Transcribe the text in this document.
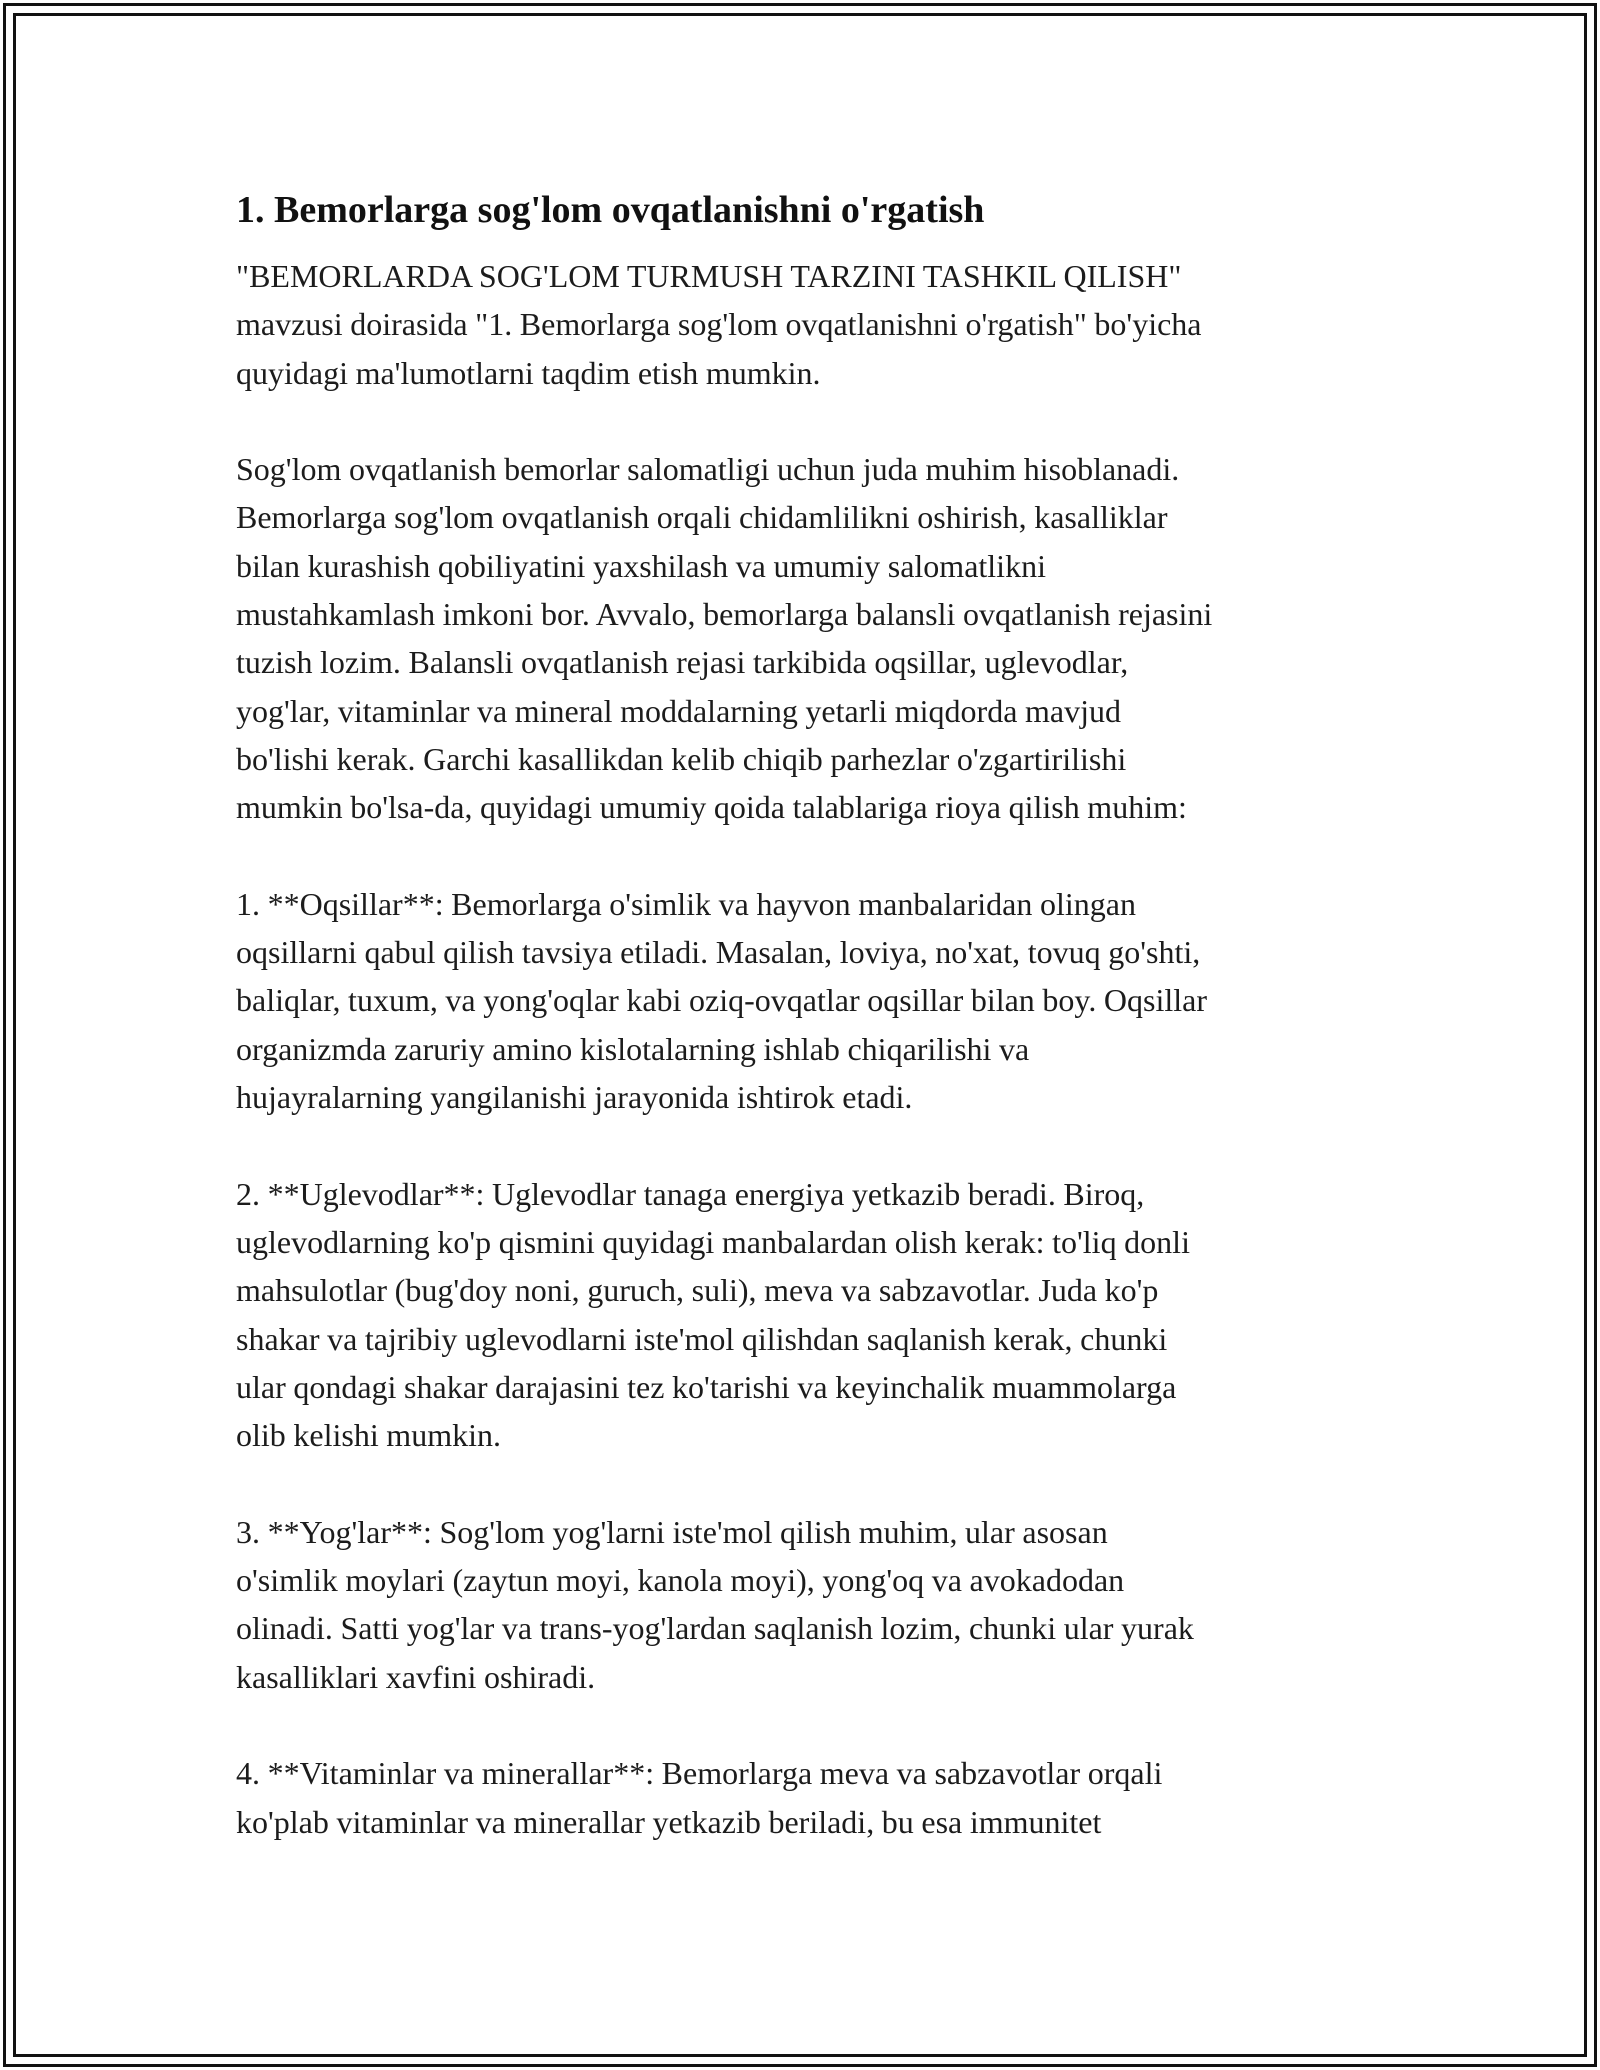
1. Bemorlarga sog'lom ovqatlanishni o'rgatish

"BEMORLARDA SOG'LOM TURMUSH TARZINI TASHKIL QILISH"
mavzusi doirasida "1. Bemorlarga sog'lom ovqatlanishni o'rgatish" bo'yicha
quyidagi ma'lumotlarni taqdim etish mumkin.

Sog'lom ovqatlanish bemorlar salomatligi uchun juda muhim hisoblanadi.
Bemorlarga sog'lom ovqatlanish orqali chidamlilikni oshirish, kasalliklar
bilan kurashish qobiliyatini yaxshilash va umumiy salomatlikni
mustahkamlash imkoni bor. Avvalo, bemorlarga balansli ovqatlanish rejasini
tuzish lozim. Balansli ovqatlanish rejasi tarkibida oqsillar, uglevodlar,
yog'lar, vitaminlar va mineral moddalarning yetarli miqdorda mavjud
bo'lishi kerak. Garchi kasallikdan kelib chiqib parhezlar o'zgartirilishi
mumkin bo'lsa-da, quyidagi umumiy qoida talablariga rioya qilish muhim:

1. **Oqsillar**: Bemorlarga o'simlik va hayvon manbalaridan olingan
oqsillarni qabul qilish tavsiya etiladi. Masalan, loviya, no'xat, tovuq go'shti,
baliqlar, tuxum, va yong'oqlar kabi oziq-ovqatlar oqsillar bilan boy. Oqsillar
organizmda zaruriy amino kislotalarning ishlab chiqarilishi va
hujayralarning yangilanishi jarayonida ishtirok etadi.

2. **Uglevodlar**: Uglevodlar tanaga energiya yetkazib beradi. Biroq,
uglevodlarning ko'p qismini quyidagi manbalardan olish kerak: to'liq donli
mahsulotlar (bug'doy noni, guruch, suli), meva va sabzavotlar. Juda ko'p
shakar va tajribiy uglevodlarni iste'mol qilishdan saqlanish kerak, chunki
ular qondagi shakar darajasini tez ko'tarishi va keyinchalik muammolarga
olib kelishi mumkin.

3. **Yog'lar**: Sog'lom yog'larni iste'mol qilish muhim, ular asosan
o'simlik moylari (zaytun moyi, kanola moyi), yong'oq va avokadodan
olinadi. Satti yog'lar va trans-yog'lardan saqlanish lozim, chunki ular yurak
kasalliklari xavfini oshiradi.

4. **Vitaminlar va minerallar**: Bemorlarga meva va sabzavotlar orqali
ko'plab vitaminlar va minerallar yetkazib beriladi, bu esa immunitet
